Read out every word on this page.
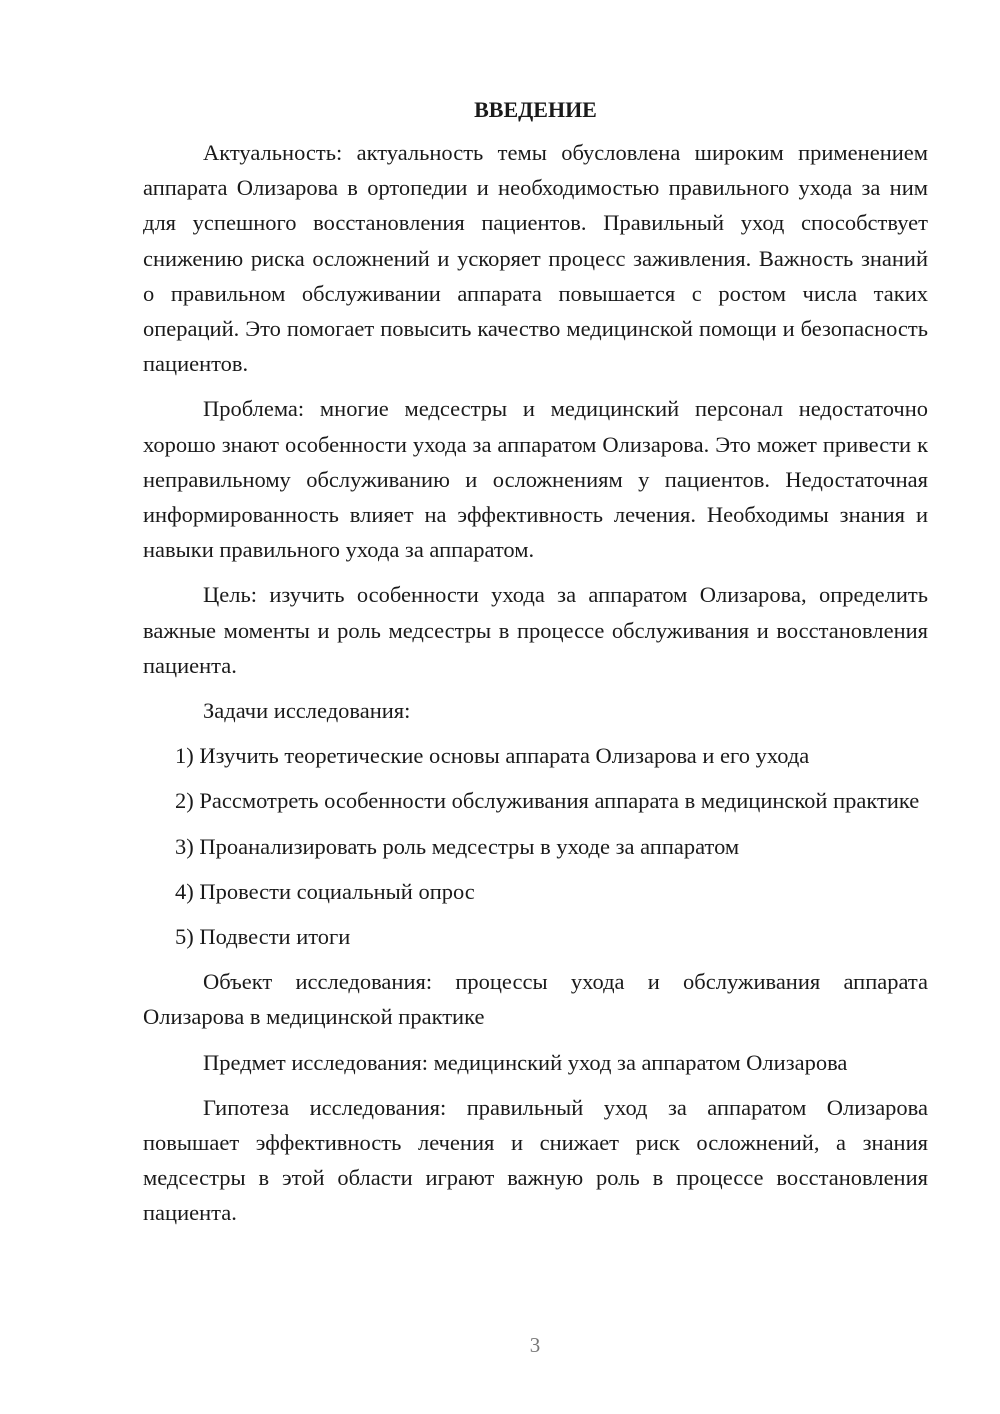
ВВЕДЕНИЕ

Актуальность: актуальность темы обусловлена широким применением аппарата Олизарова в ортопедии и необходимостью правильного ухода за ним для успешного восстановления пациентов. Правильный уход способствует снижению риска осложнений и ускоряет процесс заживления. Важность знаний о правильном обслуживании аппарата повышается с ростом числа таких операций. Это помогает повысить качество медицинской помощи и безопасность пациентов.

Проблема: многие медсестры и медицинский персонал недостаточно хорошо знают особенности ухода за аппаратом Олизарова. Это может привести к неправильному обслуживанию и осложнениям у пациентов. Недостаточная информированность влияет на эффективность лечения. Необходимы знания и навыки правильного ухода за аппаратом.

Цель: изучить особенности ухода за аппаратом Олизарова, определить важные моменты и роль медсестры в процессе обслуживания и восстановления пациента.

Задачи исследования:

1) Изучить теоретические основы аппарата Олизарова и его ухода

2) Рассмотреть особенности обслуживания аппарата в медицинской практике

3) Проанализировать роль медсестры в уходе за аппаратом

4) Провести социальный опрос

5) Подвести итоги

Объект исследования: процессы ухода и обслуживания аппарата Олизарова в медицинской практике

Предмет исследования: медицинский уход за аппаратом Олизарова

Гипотеза исследования: правильный уход за аппаратом Олизарова повышает эффективность лечения и снижает риск осложнений, а знания медсестры в этой области играют важную роль в процессе восстановления пациента.

3
